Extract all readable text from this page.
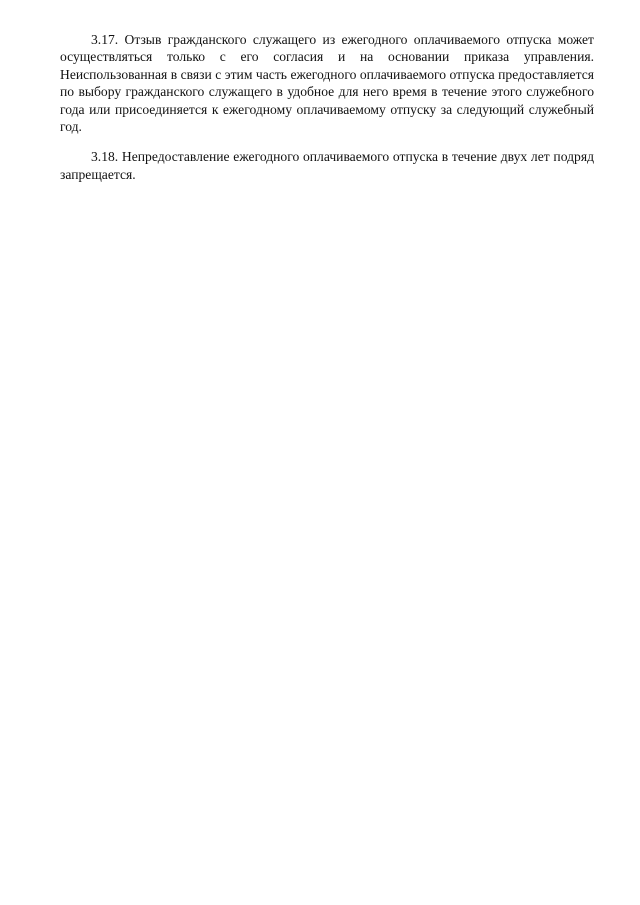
3.17. Отзыв гражданского служащего из ежегодного оплачиваемого отпуска может осуществляться только с его согласия и на основании приказа управления. Неиспользованная в связи с этим часть ежегодного оплачиваемого отпуска предоставляется по выбору гражданского служащего в удобное для него время в течение этого служебного года или присоединяется к ежегодному оплачиваемому отпуску за следующий служебный год.

3.18. Непредоставление ежегодного оплачиваемого отпуска в течение двух лет подряд запрещается.
